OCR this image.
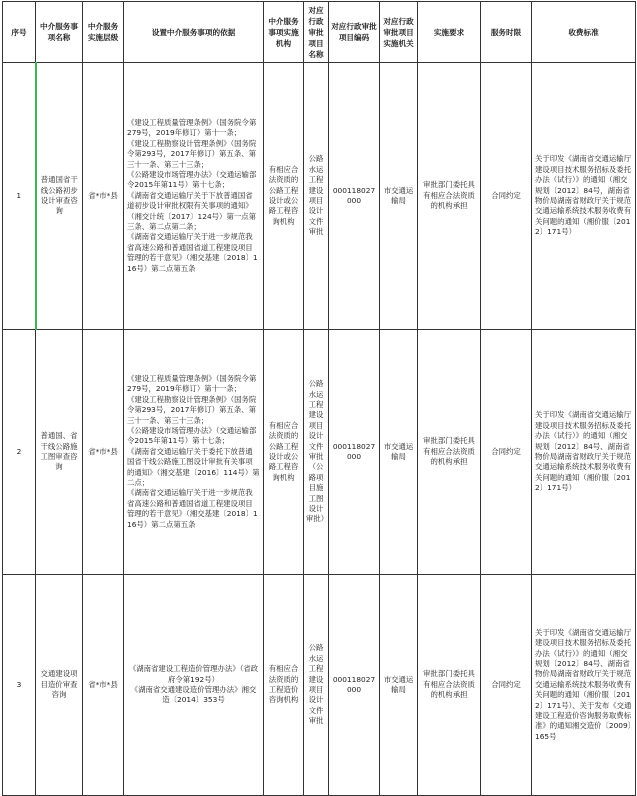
序号	中介服务事项名称	中介服务实施层级	设置中介服务事项的依据	中介服务事项实施机构	对应行政审批项目名称	对应行政审批项目编码	对应行政审批项目实施机关	实施要求	服务时限	收费标准
1	普通国省干线公路初步设计审查咨询	省*市*县	《建设工程质量管理条例》（国务院令第279号，2019年修订）第十一条；
《建设工程勘察设计管理条例》（国务院令第293号，2017年修订）第五条、第三十一条、第三十三条；
《公路建设市场管理办法》（交通运输部令2015年第11号）第十七条；
《湖南省交通运输厅关于下放普通国省道初步设计审批权限有关事项的通知》（湘交计统〔2017〕124号）第一点第三条、第二点第二条；
《湖南省交通运输厅关于进一步规范我省高速公路和普通国省道工程建设项目管理的若干意见》（湘交基建〔2018〕116号）第二点第五条	有相应合法资质的公路工程设计或公路工程咨询机构	公路水运工程建设项目设计文件审批	000118027000	市交通运输局	审批部门委托具有相应合法资质的机构承担	合同约定	关于印发《湖南省交通运输厅建设项目技术服务招标及委托办法（试行）》的通知（湘交规划〔2012〕84号，湖南省物价局湖南省财政厅关于规范交通运输系统技术服务收费有关问题的通知（湘价服〔2012〕171号）
2	普通国、省干线公路施工图审查咨询	省*市*县	《建设工程质量管理条例》（国务院令第279号，2019年修订）第十一条；
《建设工程勘察设计管理条例》（国务院令第293号，2017年修订）第五条、第三十一条、第三十三条；
《公路建设市场管理办法》（交通运输部令2015年第11号）第十七条；
《湖南省交通运输厅关于委托下放普通国省干线公路施工图设计审批有关事项的通知》（湘交基建〔2016〕114号）第二点；
《湖南省交通运输厅关于进一步规范我省高速公路和普通国省道工程建设项目管理的若干意见》（湘交基建〔2018〕116号）第二点第五条	有相应合法资质的公路工程设计或公路工程咨询机构	公路水运工程建设项目设计文件审批（公路项目施工图设计审批）	000118027000	市交通运输局	审批部门委托具有相应合法资质的机构承担	合同约定	关于印发《湖南省交通运输厅建设项目技术服务招标及委托办法（试行）》的通知（湘交规划〔2012〕84号、湖南省物价局湖南省财政厅关于规范交通运输系统技术服务收费有关问题的通知（湘价服〔2012〕171号）
3	交通建设项目造价审查咨询	省*市*县	《湖南省建设工程造价管理办法》（省政府令第192号）
《湖南省交通建设造价管理办法》湘交造〔2014〕353号	有相应合法资质的工程造价咨询机构	公路水运工程建设项目设计文件审批	000118027000	市交通运输局	审批部门委托具有相应合法资质的机构承担	合同约定	关于印发《湖南省交通运输厅建设项目技术服务招标及委托办法（试行）》的通知（湘交规划〔2012〕84号、湖南省物价局湖南省财政厅关于规范交通运输系统技术服务收费有关问题的通知（湘价服〔2012〕171号）、关于发布《交通建设工程造价咨询服务取费标准》的通知湘交造价〔2009〕165号
